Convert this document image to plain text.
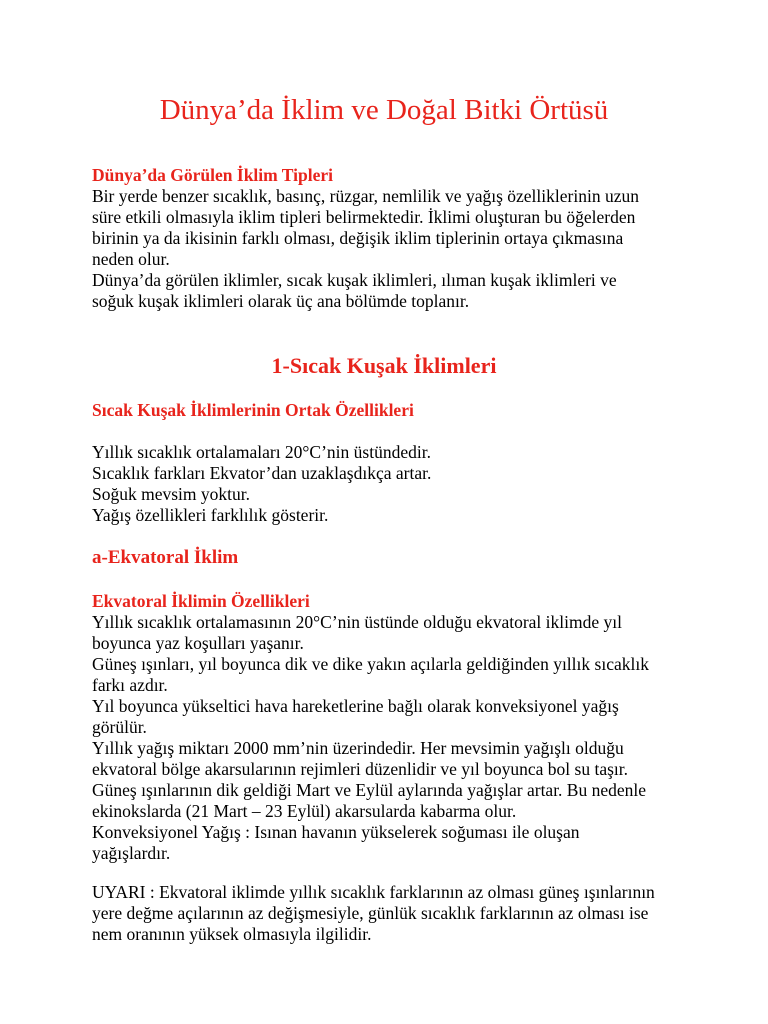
Dünya’da İklim ve Doğal Bitki Örtüsü
Dünya’da Görülen İklim Tipleri
Bir yerde benzer sıcaklık, basınç, rüzgar, nemlilik ve yağış özelliklerinin uzun
süre etkili olmasıyla iklim tipleri belirmektedir. İklimi oluşturan bu öğelerden
birinin ya da ikisinin farklı olması, değişik iklim tiplerinin ortaya çıkmasına
neden olur.
Dünya’da görülen iklimler, sıcak kuşak iklimleri, ılıman kuşak iklimleri ve
soğuk kuşak iklimleri olarak üç ana bölümde toplanır.
1-Sıcak Kuşak İklimleri
Sıcak Kuşak İklimlerinin Ortak Özellikleri
Yıllık sıcaklık ortalamaları 20°C’nin üstündedir.
Sıcaklık farkları Ekvator’dan uzaklaşdıkça artar.
Soğuk mevsim yoktur.
Yağış özellikleri farklılık gösterir.
a-Ekvatoral İklim
Ekvatoral İklimin Özellikleri
Yıllık sıcaklık ortalamasının 20°C’nin üstünde olduğu ekvatoral iklimde yıl
boyunca yaz koşulları yaşanır.
Güneş ışınları, yıl boyunca dik ve dike yakın açılarla geldiğinden yıllık sıcaklık
farkı azdır.
Yıl boyunca yükseltici hava hareketlerine bağlı olarak konveksiyonel yağış
görülür.
Yıllık yağış miktarı 2000 mm’nin üzerindedir. Her mevsimin yağışlı olduğu
ekvatoral bölge akarsularının rejimleri düzenlidir ve yıl boyunca bol su taşır.
Güneş ışınlarının dik geldiği Mart ve Eylül aylarında yağışlar artar. Bu nedenle
ekinokslarda (21 Mart – 23 Eylül) akarsularda kabarma olur.
Konveksiyonel Yağış : Isınan havanın yükselerek soğuması ile oluşan
yağışlardır.
UYARI : Ekvatoral iklimde yıllık sıcaklık farklarının az olması güneş ışınlarının
yere değme açılarının az değişmesiyle, günlük sıcaklık farklarının az olması ise
nem oranının yüksek olmasıyla ilgilidir.
